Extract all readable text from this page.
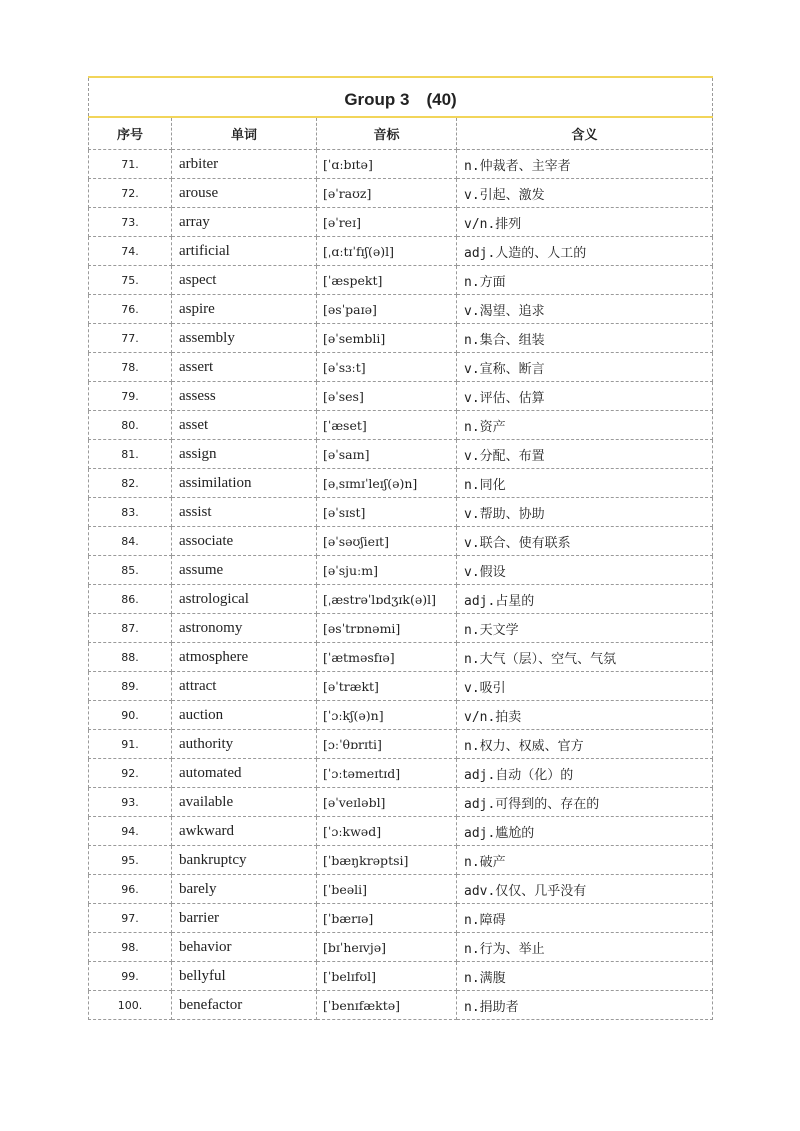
Group 3　(40)			
序号	单词	音标	含义
71.	arbiter	[ˈɑːbɪtə]	n.仲裁者、主宰者
72.	arouse	[əˈraʊz]	v.引起、激发
73.	array	[əˈreɪ]	v/n.排列
74.	artificial	[ˌɑːtɪˈfɪʃ(ə)l]	adj.人造的、人工的
75.	aspect	[ˈæspekt]	n.方面
76.	aspire	[əsˈpaɪə]	v.渴望、追求
77.	assembly	[əˈsembli]	n.集合、组装
78.	assert	[əˈsɜːt]	v.宣称、断言
79.	assess	[əˈses]	v.评估、估算
80.	asset	[ˈæset]	n.资产
81.	assign	[əˈsaɪn]	v.分配、布置
82.	assimilation	[əˌsɪmɪˈleɪʃ(ə)n]	n.同化
83.	assist	[əˈsɪst]	v.帮助、协助
84.	associate	[əˈsəʊʃieɪt]	v.联合、使有联系
85.	assume	[əˈsjuːm]	v.假设
86.	astrological	[ˌæstrəˈlɒdʒɪk(ə)l]	adj.占星的
87.	astronomy	[əsˈtrɒnəmi]	n.天文学
88.	atmosphere	[ˈætməsfɪə]	n.大气（层）、空气、气氛
89.	attract	[əˈtrækt]	v.吸引
90.	auction	[ˈɔːkʃ(ə)n]	v/n.拍卖
91.	authority	[ɔːˈθɒrɪti]	n.权力、权威、官方
92.	automated	[ˈɔːtəmeɪtɪd]	adj.自动（化）的
93.	available	[əˈveɪləbl]	adj.可得到的、存在的
94.	awkward	[ˈɔːkwəd]	adj.尴尬的
95.	bankruptcy	[ˈbæŋkrəptsi]	n.破产
96.	barely	[ˈbeəli]	adv.仅仅、几乎没有
97.	barrier	[ˈbærɪə]	n.障碍
98.	behavior	[bɪˈheɪvjə]	n.行为、举止
99.	bellyful	[ˈbelɪfʊl]	n.满腹
100.	benefactor	[ˈbenɪfæktə]	n.捐助者
